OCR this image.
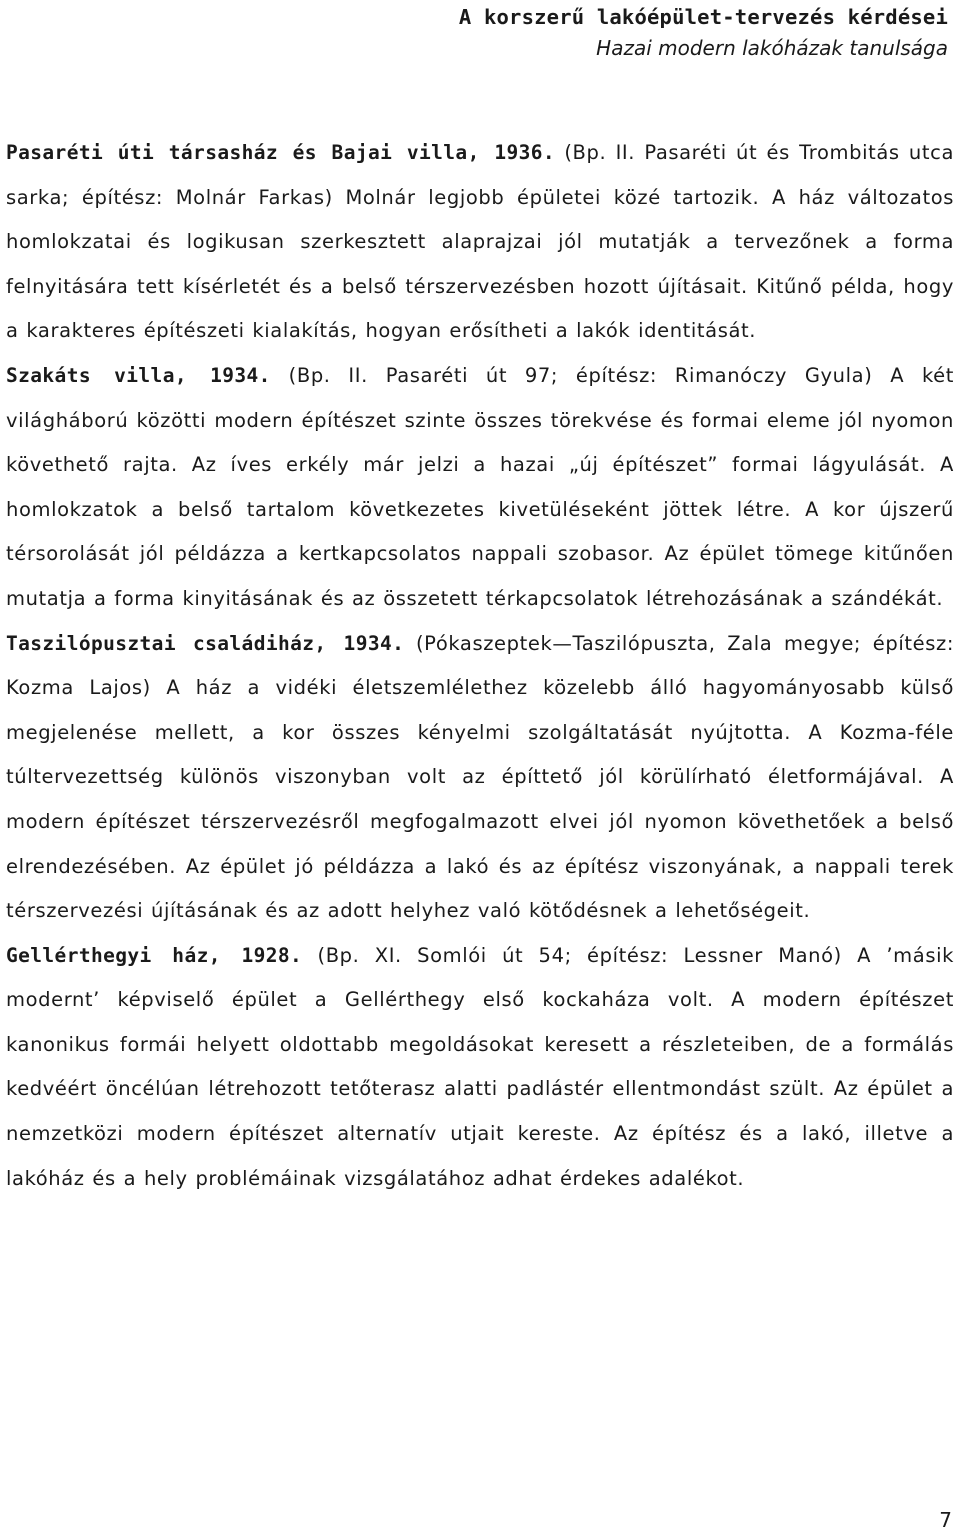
A korszerű lakóépület-tervezés kérdései
Hazai modern lakóházak tanulsága

Pasaréti úti társasház és Bajai villa, 1936. (Bp. II. Pasaréti út és Trombitás utca sarka; építész: Molnár Farkas) Molnár legjobb épületei közé tartozik. A ház változatos homlokzatai és logikusan szerkesztett alaprajzai jól mutatják a tervezőnek a forma felnyitására tett kísérletét és a belső térszervezésben hozott újításait. Kitűnő példa, hogy a karakteres építészeti kialakítás, hogyan erősítheti a lakók identitását.

Szakáts villa, 1934. (Bp. II. Pasaréti út 97; építész: Rimanóczy Gyula) A két világháború közötti modern építészet szinte összes törekvése és formai eleme jól nyomon követhető rajta. Az íves erkély már jelzi a hazai „új építészet” formai lágyulását. A homlokzatok a belső tartalom következetes kivetüléseként jöttek létre. A kor újszerű térsorolását jól példázza a kertkapcsolatos nappali szobasor. Az épület tömege kitűnően mutatja a forma kinyitásának és az összetett térkapcsolatok létrehozásának a szándékát.

Taszilópusztai családiház, 1934. (Pókaszeptek—Taszilópuszta, Zala megye; építész: Kozma Lajos) A ház a vidéki életszemlélethez közelebb álló hagyományosabb külső megjelenése mellett, a kor összes kényelmi szolgáltatását nyújtotta. A Kozma-féle túltervezettség különös viszonyban volt az építtető jól körülírható életformájával. A modern építészet térszervezésről megfogalmazott elvei jól nyomon követhetőek a belső elrendezésében. Az épület jó példázza a lakó és az építész viszonyának, a nappali terek térszervezési újításának és az adott helyhez való kötődésnek a lehetőségeit.

Gellérthegyi ház, 1928. (Bp. XI. Somlói út 54; építész: Lessner Manó) A ’másik modernt’ képviselő épület a Gellérthegy első kockaháza volt. A modern építészet kanonikus formái helyett oldottabb megoldásokat keresett a részleteiben, de a formálás kedvéért öncélúan létrehozott tetőterasz alatti padlástér ellentmondást szült. Az épület a nemzetközi modern építészet alternatív utjait kereste. Az építész és a lakó, illetve a lakóház és a hely problémáinak vizsgálatához adhat érdekes adalékot.

7
